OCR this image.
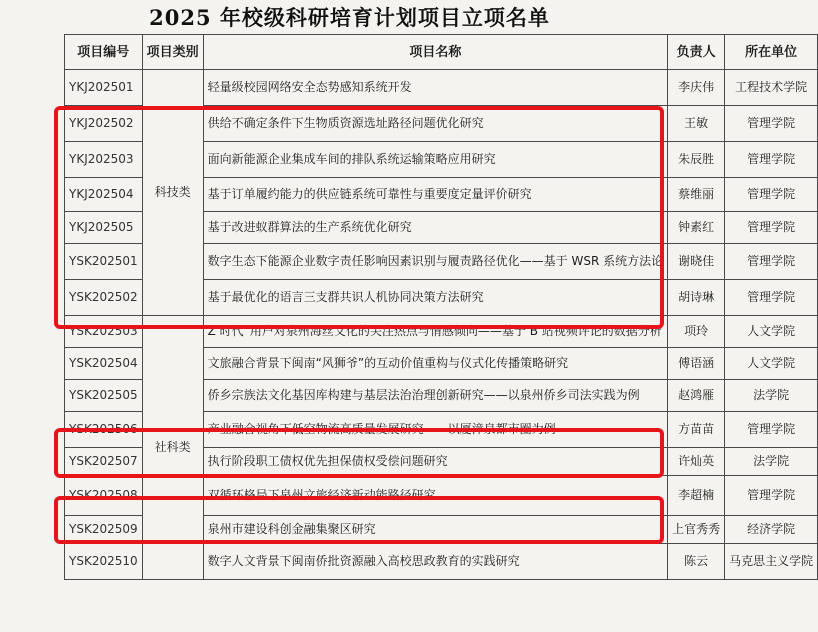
2025 年校级科研培育计划项目立项名单
项目编号	项目类别	项目名称	负责人	所在单位
YKJ202501	科技类	轻量级校园网络安全态势感知系统开发	李庆伟	工程技术学院
YKJ202502		供给不确定条件下生物质资源选址路径问题优化研究	王敏	管理学院
YKJ202503		面向新能源企业集成车间的排队系统运输策略应用研究	朱辰胜	管理学院
YKJ202504		基于订单履约能力的供应链系统可靠性与重要度定量评价研究	蔡维丽	管理学院
YKJ202505		基于改进蚁群算法的生产系统优化研究	钟素红	管理学院
YSK202501		数字生态下能源企业数字责任影响因素识别与履责路径优化——基于 WSR 系统方法论	谢晓佳	管理学院
YSK202502		基于最优化的语言三支群共识人机协同决策方法研究	胡诗琳	管理学院
YSK202503	社科类	Z 时代“用户对泉州海丝文化的关注热点与情感倾向——基于 B 站视频评论的数据分析	项玲	人文学院
YSK202504		文旅融合背景下闽南“风狮爷”的互动价值重构与仪式化传播策略研究	傅语涵	人文学院
YSK202505		侨乡宗族法文化基因库构建与基层法治治理创新研究——以泉州侨乡司法实践为例	赵鸿雁	法学院
YSK202506		产业融合视角下低空物流高质量发展研究——以厦漳泉都市圈为例	方苗苗	管理学院
YSK202507		执行阶段职工债权优先担保债权受偿问题研究	许灿英	法学院
YSK202508		双循环格局下泉州文旅经济新动能路径研究	李超楠	管理学院
YSK202509		泉州市建设科创金融集聚区研究	上官秀秀	经济学院
YSK202510		数字人文背景下闽南侨批资源融入高校思政教育的实践研究	陈云	马克思主义学院
